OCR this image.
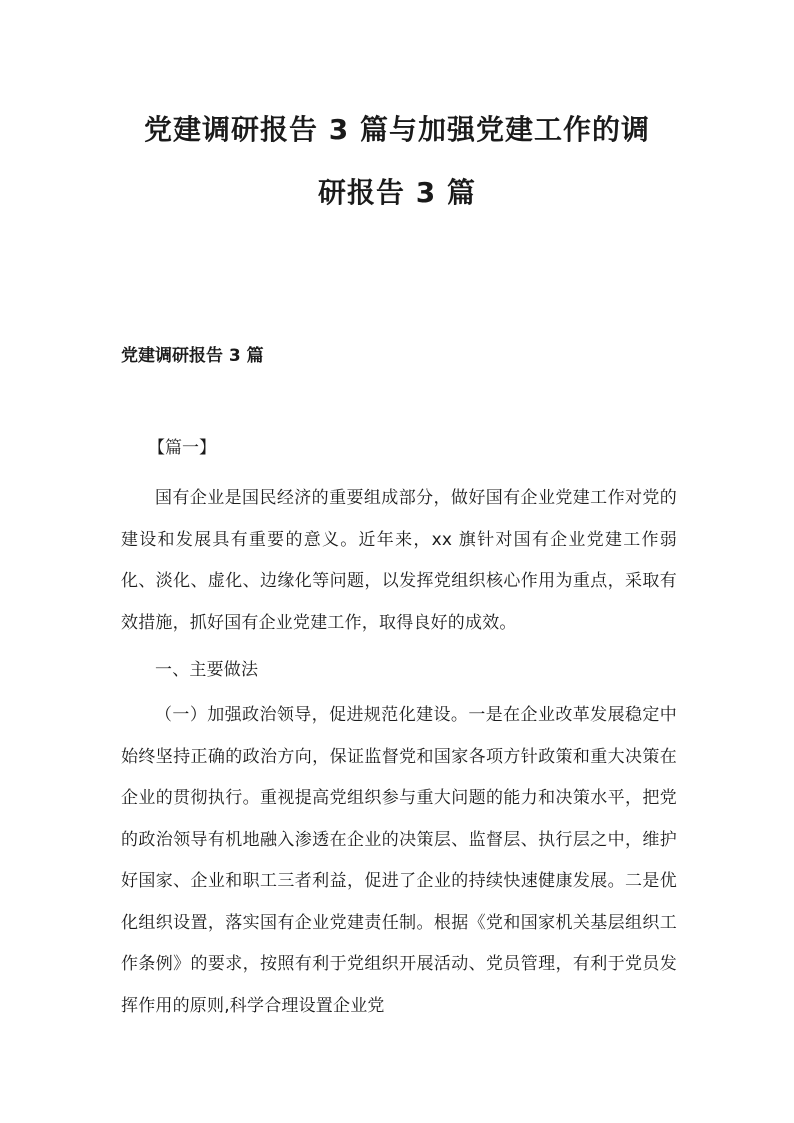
党建调研报告 3 篇与加强党建工作的调
研报告 3 篇
党建调研报告 3 篇

【篇一】

国有企业是国民经济的重要组成部分，做好国有企业党建工作对党的建设和发展具有重要的意义。近年来，xx 旗针对国有企业党建工作弱化、淡化、虚化、边缘化等问题，以发挥党组织核心作用为重点，采取有效措施，抓好国有企业党建工作，取得良好的成效。

一、主要做法

（一）加强政治领导，促进规范化建设。一是在企业改革发展稳定中始终坚持正确的政治方向，保证监督党和国家各项方针政策和重大决策在企业的贯彻执行。重视提高党组织参与重大问题的能力和决策水平，把党的政治领导有机地融入渗透在企业的决策层、监督层、执行层之中，维护好国家、企业和职工三者利益，促进了企业的持续快速健康发展。二是优化组织设置，落实国有企业党建责任制。根据《党和国家机关基层组织工作条例》的要求，按照有利于党组织开展活动、党员管理，有利于党员发挥作用的原则,科学合理设置企业党
